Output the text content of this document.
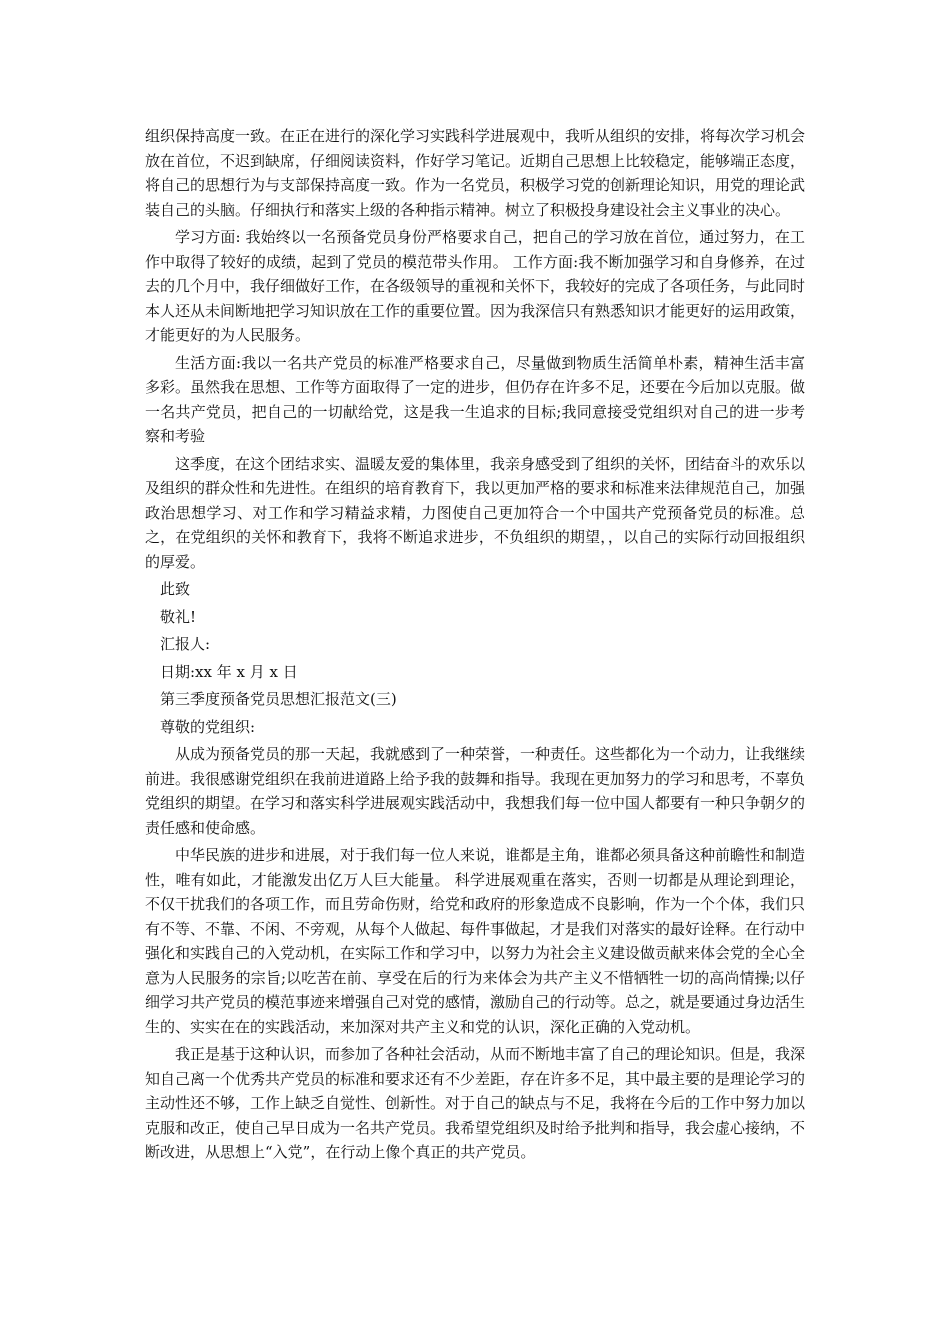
组织保持高度一致。在正在进行的深化学习实践科学进展观中，我听从组织的安排，将每次学习机会放在首位，不迟到缺席，仔细阅读资料，作好学习笔记。近期自己思想上比较稳定，能够端正态度，将自己的思想行为与支部保持高度一致。作为一名党员，积极学习党的创新理论知识，用党的理论武装自己的头脑。仔细执行和落实上级的各种指示精神。树立了积极投身建设社会主义事业的决心。

学习方面: 我始终以一名预备党员身份严格要求自己，把自己的学习放在首位，通过努力，在工作中取得了较好的成绩，起到了党员的模范带头作用。 工作方面:我不断加强学习和自身修养，在过去的几个月中，我仔细做好工作，在各级领导的重视和关怀下，我较好的完成了各项任务，与此同时本人还从未间断地把学习知识放在工作的重要位置。因为我深信只有熟悉知识才能更好的运用政策，才能更好的为人民服务。

生活方面:我以一名共产党员的标准严格要求自己，尽量做到物质生活简单朴素，精神生活丰富多彩。虽然我在思想、工作等方面取得了一定的进步，但仍存在许多不足，还要在今后加以克服。做一名共产党员，把自己的一切献给党，这是我一生追求的目标;我同意接受党组织对自己的进一步考察和考验

这季度，在这个团结求实、温暖友爱的集体里，我亲身感受到了组织的关怀，团结奋斗的欢乐以及组织的群众性和先进性。在组织的培育教育下，我以更加严格的要求和标准来法律规范自己，加强政治思想学习、对工作和学习精益求精，力图使自己更加符合一个中国共产党预备党员的标准。总之，在党组织的关怀和教育下，我将不断追求进步，不负组织的期望，，以自己的实际行动回报组织的厚爱。

此致

敬礼!

汇报人:

日期:xx 年 x 月 x 日

第三季度预备党员思想汇报范文(三)

尊敬的党组织:

从成为预备党员的那一天起，我就感到了一种荣誉，一种责任。这些都化为一个动力，让我继续前进。我很感谢党组织在我前进道路上给予我的鼓舞和指导。我现在更加努力的学习和思考，不辜负党组织的期望。在学习和落实科学进展观实践活动中，我想我们每一位中国人都要有一种只争朝夕的责任感和使命感。

中华民族的进步和进展，对于我们每一位人来说，谁都是主角，谁都必须具备这种前瞻性和制造性，唯有如此，才能激发出亿万人巨大能量。 科学进展观重在落实，否则一切都是从理论到理论，不仅干扰我们的各项工作，而且劳命伤财，给党和政府的形象造成不良影响，作为一个个体，我们只有不等、不靠、不闲、不旁观，从每个人做起、每件事做起，才是我们对落实的最好诠释。在行动中强化和实践自己的入党动机，在实际工作和学习中，以努力为社会主义建设做贡献来体会党的全心全意为人民服务的宗旨;以吃苦在前、享受在后的行为来体会为共产主义不惜牺牲一切的高尚情操;以仔细学习共产党员的模范事迹来增强自己对党的感情，激励自己的行动等。总之，就是要通过身边活生生的、实实在在的实践活动，来加深对共产主义和党的认识，深化正确的入党动机。

我正是基于这种认识，而参加了各种社会活动，从而不断地丰富了自己的理论知识。但是，我深知自己离一个优秀共产党员的标准和要求还有不少差距，存在许多不足，其中最主要的是理论学习的主动性还不够，工作上缺乏自觉性、创新性。对于自己的缺点与不足，我将在今后的工作中努力加以克服和改正，使自己早日成为一名共产党员。我希望党组织及时给予批判和指导，我会虚心接纳，不断改进，从思想上“入党”，在行动上像个真正的共产党员。
